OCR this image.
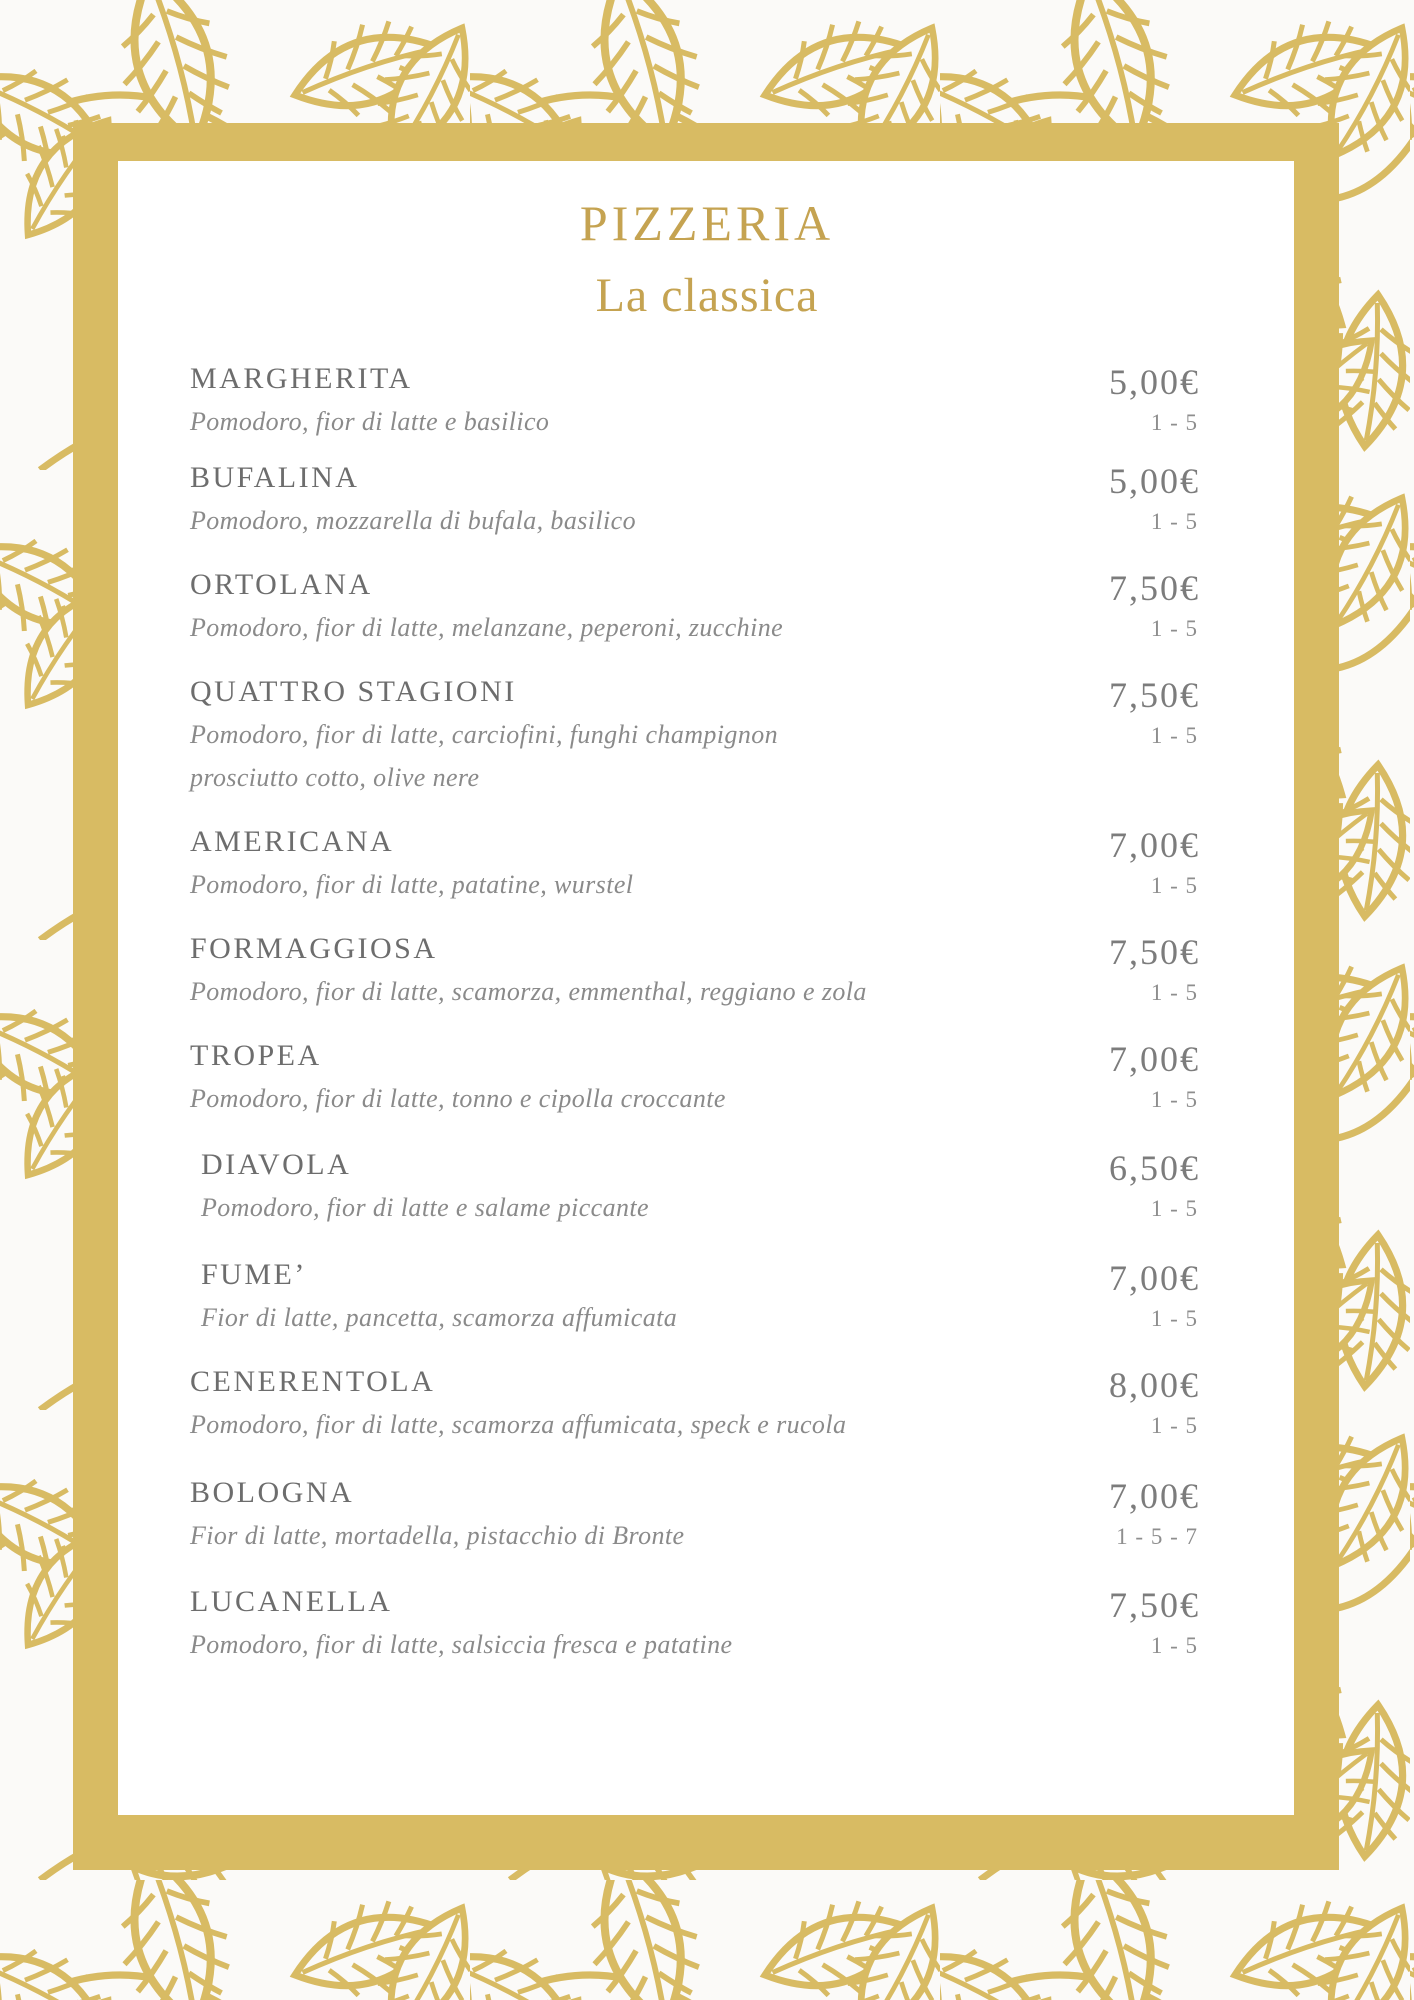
PIZZERIA
La classica
MARGHERITA	5,00€
1 - 5
Pomodoro, fior di latte e basilico
BUFALINA	5,00€
1 - 5
Pomodoro, mozzarella di bufala, basilico
ORTOLANA	7,50€
1 - 5
Pomodoro, fior di latte, melanzane, peperoni, zucchine
QUATTRO STAGIONI	7,50€
1 - 5
Pomodoro, fior di latte, carciofini, funghi champignon
prosciutto cotto, olive nere
AMERICANA	7,00€
1 - 5
Pomodoro, fior di latte, patatine, wurstel
FORMAGGIOSA	7,50€
1 - 5
Pomodoro, fior di latte, scamorza, emmenthal, reggiano e zola
TROPEA	7,00€
1 - 5
Pomodoro, fior di latte, tonno e cipolla croccante
DIAVOLA	6,50€
1 - 5
Pomodoro, fior di latte e salame piccante
FUME’	7,00€
1 - 5
Fior di latte, pancetta, scamorza affumicata
CENERENTOLA	8,00€
1 - 5
Pomodoro, fior di latte, scamorza affumicata, speck e rucola
BOLOGNA	7,00€
1 - 5 - 7
Fior di latte, mortadella, pistacchio di Bronte
LUCANELLA	7,50€
1 - 5
Pomodoro, fior di latte, salsiccia fresca e patatine
